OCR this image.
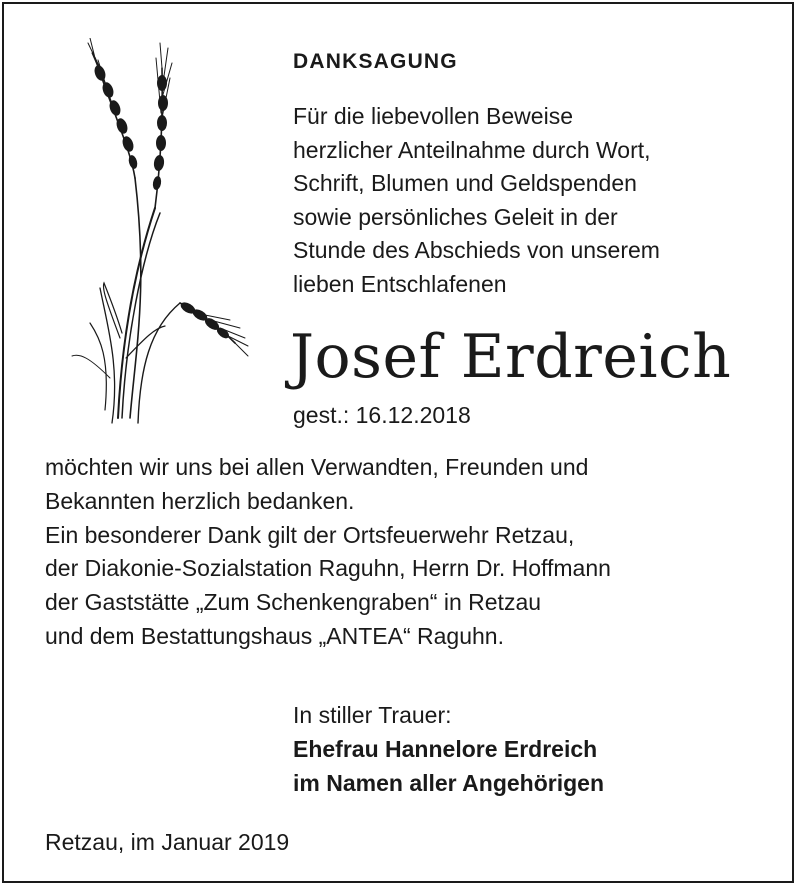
DANKSAGUNG
Für die liebevollen Beweise
herzlicher Anteilnahme durch Wort,
Schrift, Blumen und Geldspenden
sowie persönliches Geleit in der
Stunde des Abschieds von unserem
lieben Entschlafenen
Josef Erdreich
gest.: 16.12.2018
möchten wir uns bei allen Verwandten, Freunden und
Bekannten herzlich bedanken.
Ein besonderer Dank gilt der Ortsfeuerwehr Retzau,
der Diakonie-Sozialstation Raguhn, Herrn Dr. Hoffmann
der Gaststätte „Zum Schenkengraben“ in Retzau
und dem Bestattungshaus „ANTEA“ Raguhn.
In stiller Trauer:
Ehefrau Hannelore Erdreich
im Namen aller Angehörigen
Retzau, im Januar 2019
